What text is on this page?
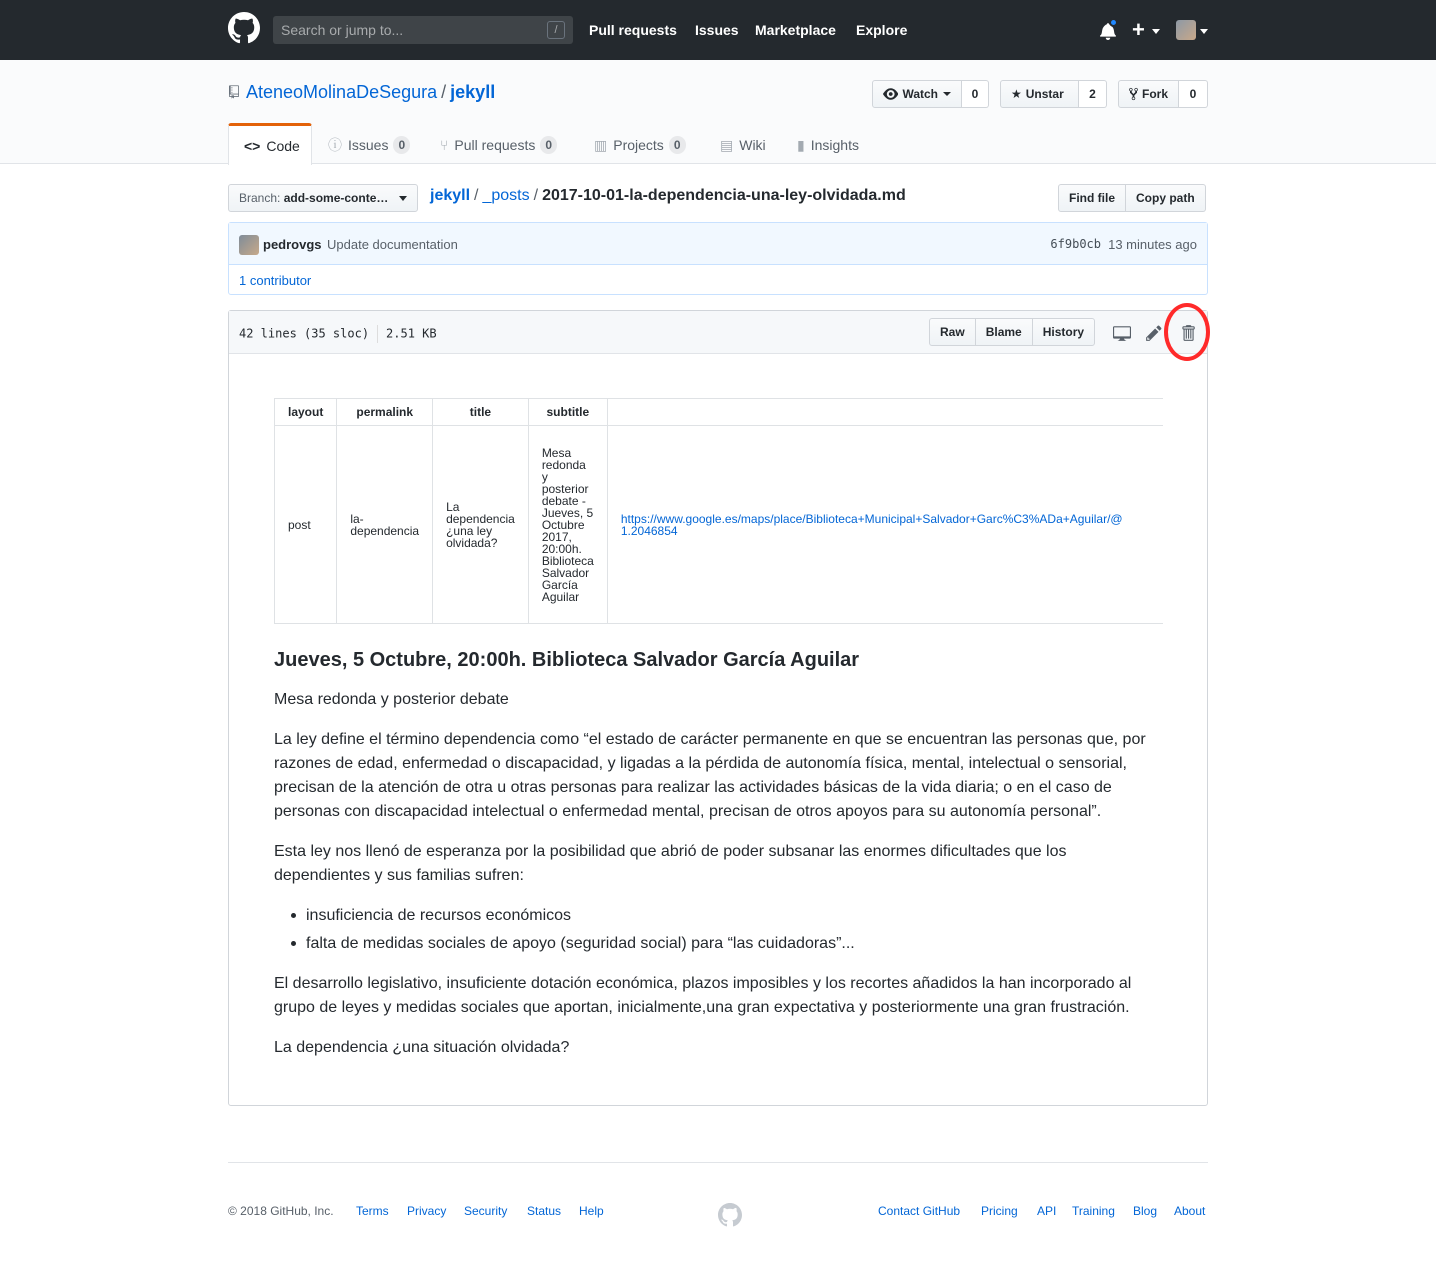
Search or jump to...	/	Pull requests Issues Marketplace Explore	+
AteneoMolinaDeSegura / jekyll	Watch	0	★ Unstar	2	Fork	0
<> Code ⓘ Issues 0	⑂ Pull requests 0	▥ Projects 0	▤ Wiki ▮ Insights
Branch: add-some-conte…	jekyll / _posts / 2017-10-01-la-dependencia-una-ley-olvidada.md	Find file	Copy path
pedrovgs Update documentation	6f9b0cb 13 minutes ago
1 contributor
42 lines (35 sloc) 2.51 KB	Raw	Blame	History
layout	permalink	title	subtitle	
post	la-dependencia	La dependencia ¿una ley olvidada?	Mesa redonda y posterior debate - Jueves, 5 Octubre 2017, 20:00h. Biblioteca Salvador García Aguilar	https://www.google.es/maps/place/Biblioteca+Municipal+Salvador+Garc%C3%ADa+Aguilar/@
1.2046854
Jueves, 5 Octubre, 20:00h. Biblioteca Salvador García Aguilar
Mesa redonda y posterior debate
La ley define el término dependencia como “el estado de carácter permanente en que se encuentran las personas que, por
razones de edad, enfermedad o discapacidad, y ligadas a la pérdida de autonomía física, mental, intelectual o sensorial,
precisan de la atención de otra u otras personas para realizar las actividades básicas de la vida diaria; o en el caso de
personas con discapacidad intelectual o enfermedad mental, precisan de otros apoyos para su autonomía personal”.
Esta ley nos llenó de esperanza por la posibilidad que abrió de poder subsanar las enormes dificultades que los
dependientes y sus familias sufren:
insuficiencia de recursos económicos
falta de medidas sociales de apoyo (seguridad social) para “las cuidadoras”...
El desarrollo legislativo, insuficiente dotación económica, plazos imposibles y los recortes añadidos la han incorporado al
grupo de leyes y medidas sociales que aportan, inicialmente,una gran expectativa y posteriormente una gran frustración.
La dependencia ¿una situación olvidada?
© 2018 GitHub, Inc. Terms Privacy Security Status Help	Contact GitHub Pricing API Training Blog About
